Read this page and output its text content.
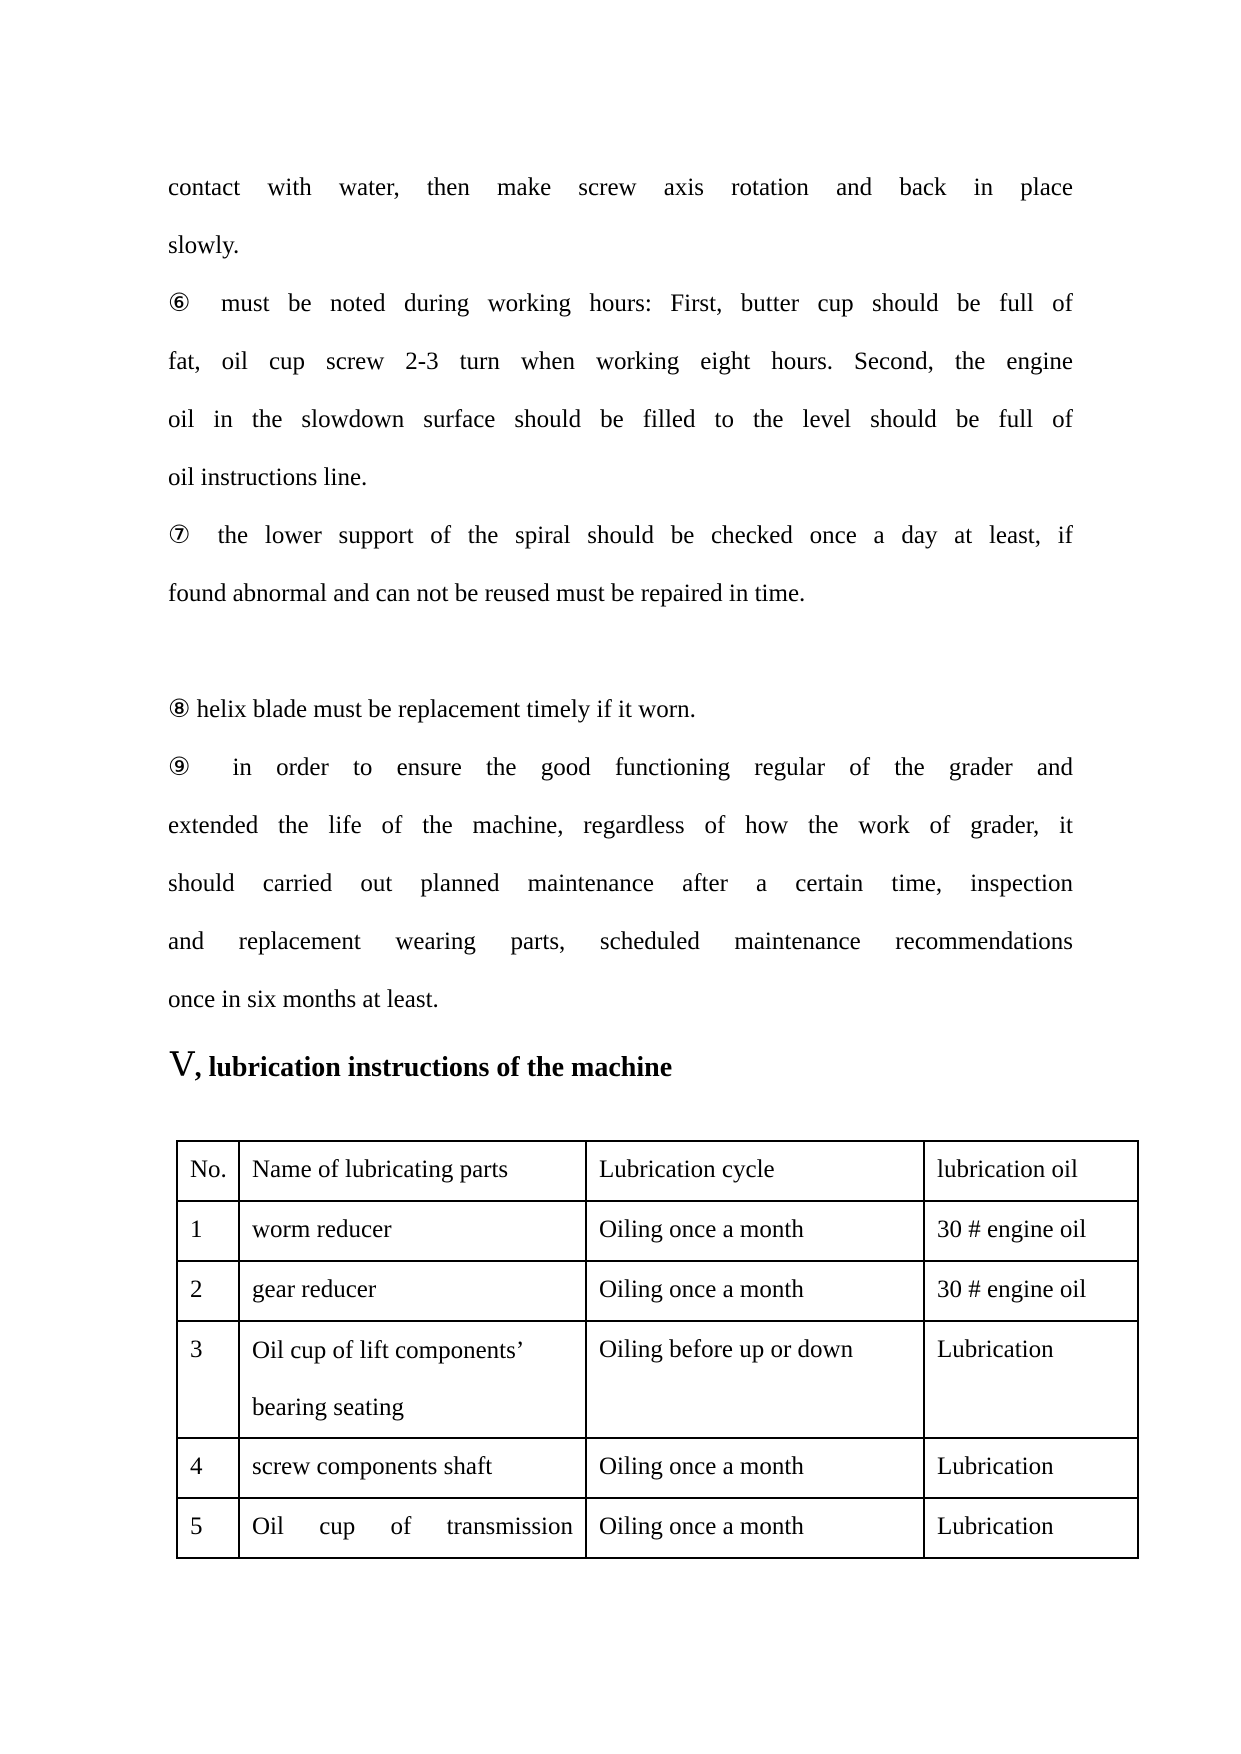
contact with water, then make screw axis rotation and back in place
slowly.
⑥ must be noted during working hours: First, butter cup should be full of
fat, oil cup screw 2-3 turn when working eight hours. Second, the engine
oil in the slowdown surface should be filled to the level should be full of
oil instructions line.
⑦ the lower support of the spiral should be checked once a day at least, if
found abnormal and can not be reused must be repaired in time.
⑧ helix blade must be replacement timely if it worn.
⑨ in order to ensure the good functioning regular of the grader and
extended the life of the machine, regardless of how the work of grader, it
should carried out planned maintenance after a certain time, inspection
and replacement wearing parts, scheduled maintenance recommendations
once in six months at least.
Ⅴ, lubrication instructions of the machine
No.	Name of lubricating parts	Lubrication cycle	lubrication oil
1	worm reducer	Oiling once a month	30 # engine oil
2	gear reducer	Oiling once a month	30 # engine oil
3	Oil cup of lift components’
bearing seating	Oiling before up or down	Lubrication
4	screw components shaft	Oiling once a month	Lubrication
5	Oil cup of transmission	Oiling once a month	Lubrication
